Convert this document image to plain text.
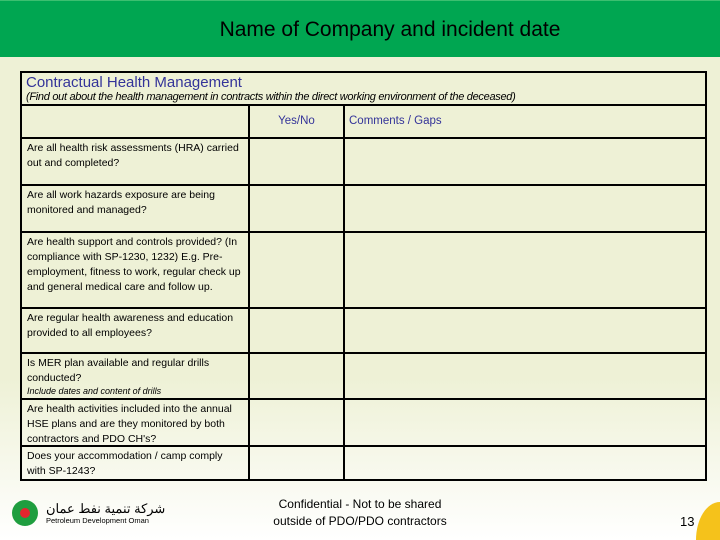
Name of Company and incident date
Contractual Health Management
(Find out about the health management in contracts within the direct working environment of the deceased)
Yes/No	Comments / Gaps
Are all health risk assessments (HRA) carried out and completed?
Are all work hazards exposure are being monitored and managed?
Are health support and controls provided? (In compliance with SP-1230, 1232) E.g. Pre- employment, fitness to work, regular check up and general medical care and follow up.
Are regular health awareness and education provided to all employees?
Is MER plan available and regular drills conducted?
Include dates and content of drills
Are health activities included into the annual HSE plans and are they monitored by both contractors and PDO CH's?
Does your accommodation / camp comply with SP-1243?
شركة تنمية نفط عمان
Petroleum Development Oman
Confidential - Not to be shared
outside of PDO/PDO contractors	13
